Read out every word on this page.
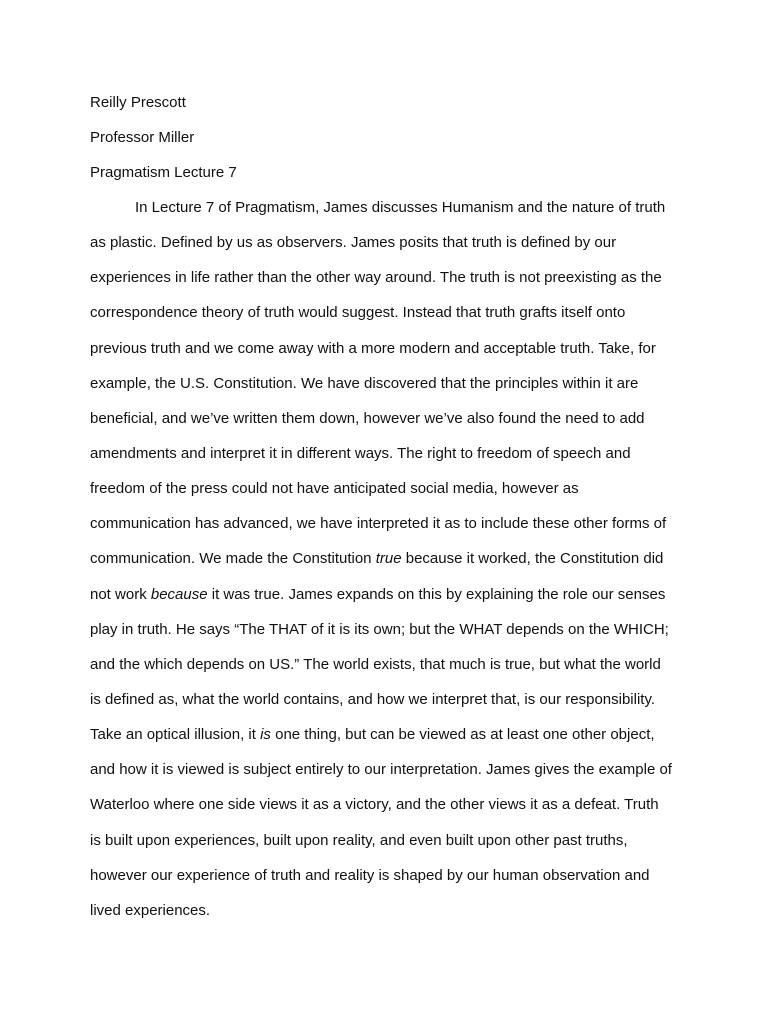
Reilly Prescott
Professor Miller
Pragmatism Lecture 7
In Lecture 7 of Pragmatism, James discusses Humanism and the nature of truth
as plastic. Defined by us as observers. James posits that truth is defined by our
experiences in life rather than the other way around. The truth is not preexisting as the
correspondence theory of truth would suggest. Instead that truth grafts itself onto
previous truth and we come away with a more modern and acceptable truth. Take, for
example, the U.S. Constitution. We have discovered that the principles within it are
beneficial, and we’ve written them down, however we’ve also found the need to add
amendments and interpret it in different ways. The right to freedom of speech and
freedom of the press could not have anticipated social media, however as
communication has advanced, we have interpreted it as to include these other forms of
communication. We made the Constitution true because it worked, the Constitution did
not work because it was true. James expands on this by explaining the role our senses
play in truth. He says “The THAT of it is its own; but the WHAT depends on the WHICH;
and the which depends on US.” The world exists, that much is true, but what the world
is defined as, what the world contains, and how we interpret that, is our responsibility.
Take an optical illusion, it is one thing, but can be viewed as at least one other object,
and how it is viewed is subject entirely to our interpretation. James gives the example of
Waterloo where one side views it as a victory, and the other views it as a defeat. Truth
is built upon experiences, built upon reality, and even built upon other past truths,
however our experience of truth and reality is shaped by our human observation and
lived experiences.
